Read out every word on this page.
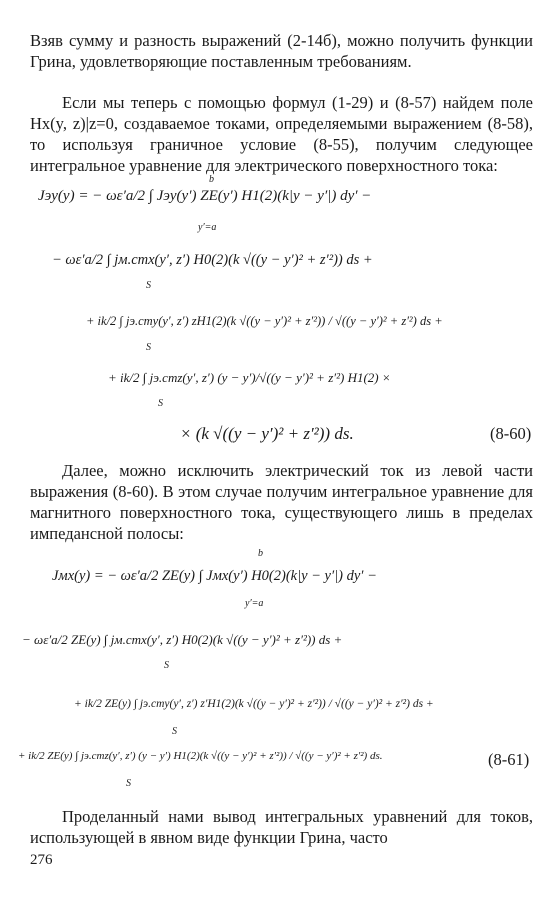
Взяв сумму и разность выражений (2-14б), можно получить функции Грина, удовлетворяющие поставленным требованиям.

Если мы теперь с помощью формул (1-29) и (8-57) найдем поле Hx(y, z)|z=0, создаваемое токами, определяемыми выражением (8-58), то используя граничное условие (8-55), получим следующее интегральное уравнение для электрического поверхностного тока:

b
y′=a
Jэy(y) = − ωε′a/2 ∫ Jэy(y′) ZE(y′) H1(2)(k|y − y′|) dy′ −
− ωε′a/2 ∫ jм.стx(y′, z′) H0(2)(k √((y − y′)² + z′²)) ds +
S
+ ik/2 ∫ jэ.стy(y′, z′) zH1(2)(k √((y − y′)² + z′²)) / √((y − y′)² + z′²) ds +
S
+ ik/2 ∫ jэ.стz(y′, z′) (y − y′)/√((y − y′)² + z′²) H1(2) ×
S
× (k √((y − y′)² + z′²)) ds.	(8-60)

Далее, можно исключить электрический ток из левой части выражения (8-60). В этом случае получим интегральное уравнение для магнитного поверхностного тока, существующего лишь в пределах импедансной полосы:

b
y′=a
Jмx(y) = − ωε′a/2 ZE(y) ∫ Jмx(y′) H0(2)(k|y − y′|) dy′ −
− ωε′a/2 ZE(y) ∫ jм.стx(y′, z′) H0(2)(k √((y − y′)² + z′²)) ds +
S
+ ik/2 ZE(y) ∫ jэ.стy(y′, z′) z′H1(2)(k √((y − y′)² + z′²)) / √((y − y′)² + z′²) ds +
S
+ ik/2 ZE(y) ∫ jэ.стz(y′, z′) (y − y′) H1(2)(k √((y − y′)² + z′²)) / √((y − y′)² + z′²) ds.
S
(8-61)

Проделанный нами вывод интегральных уравнений для токов, использующей в явном виде функции Грина, часто

276
